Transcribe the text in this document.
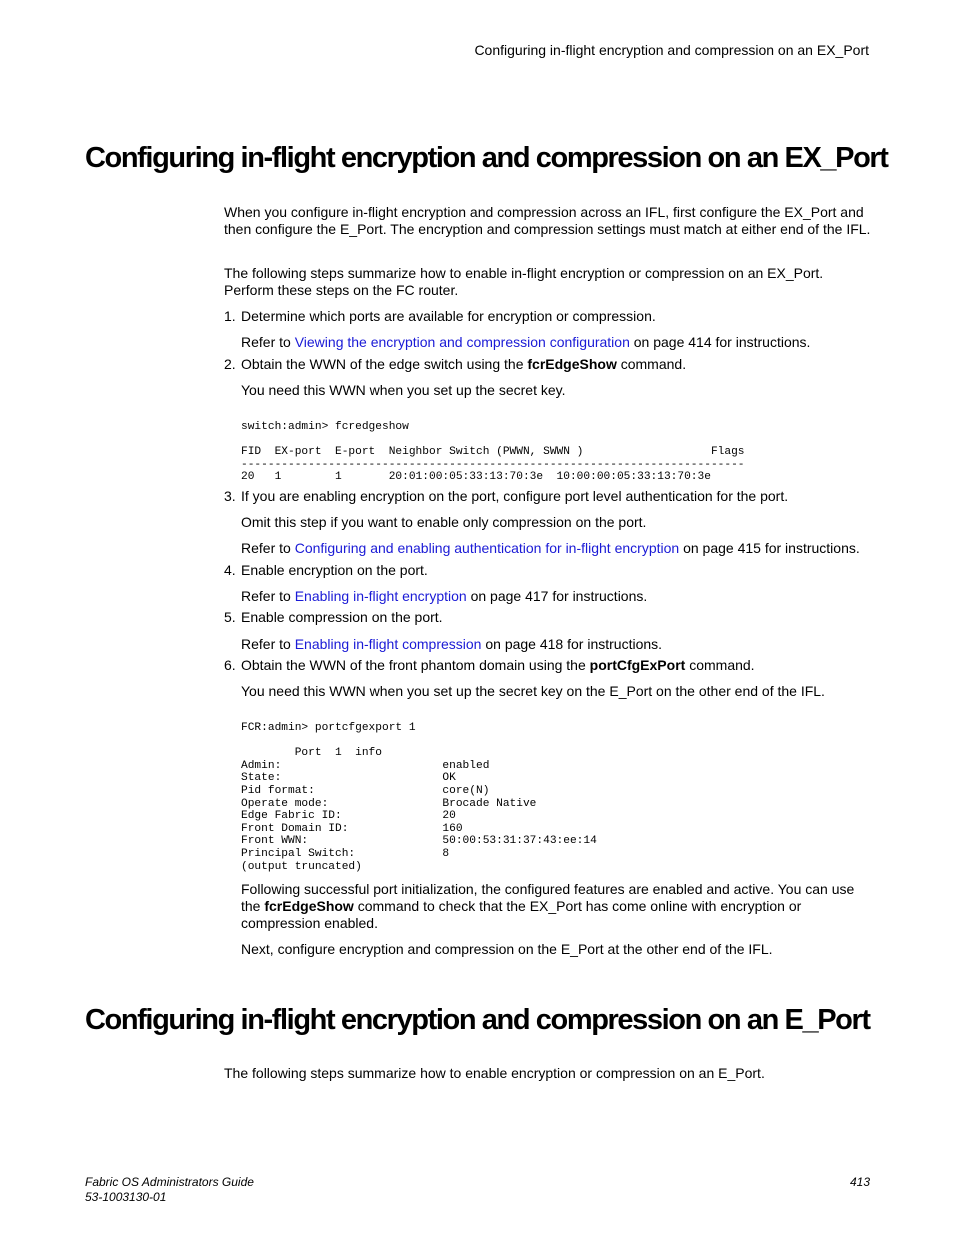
Configuring in-flight encryption and compression on an EX_Port
Configuring in-flight encryption and compression on an EX_Port
When you configure in-flight encryption and compression across an IFL, first configure the EX_Port and then configure the E_Port. The encryption and compression settings must match at either end of the IFL.
The following steps summarize how to enable in-flight encryption or compression on an EX_Port. Perform these steps on the FC router.
1. Determine which ports are available for encryption or compression.
Refer to Viewing the encryption and compression configuration on page 414 for instructions.
2. Obtain the WWN of the edge switch using the fcrEdgeShow command.
You need this WWN when you set up the secret key.
switch:admin> fcredgeshow

FID  EX-port  E-port  Neighbor Switch (PWWN, SWWN )                   Flags
---------------------------------------------------------------------------
20   1        1       20:01:00:05:33:13:70:3e  10:00:00:05:33:13:70:3e
3. If you are enabling encryption on the port, configure port level authentication for the port.
Omit this step if you want to enable only compression on the port.
Refer to Configuring and enabling authentication for in-flight encryption on page 415 for instructions.
4. Enable encryption on the port.
Refer to Enabling in-flight encryption on page 417 for instructions.
5. Enable compression on the port.
Refer to Enabling in-flight compression on page 418 for instructions.
6. Obtain the WWN of the front phantom domain using the portCfgExPort command.
You need this WWN when you set up the secret key on the E_Port on the other end of the IFL.
FCR:admin> portcfgexport 1

Port  1  info
Admin:                        enabled
State:                        OK
Pid format:                   core(N)
Operate mode:                 Brocade Native
Edge Fabric ID:               20
Front Domain ID:              160
Front WWN:                    50:00:53:31:37:43:ee:14
Principal Switch:             8
(output truncated)
Following successful port initialization, the configured features are enabled and active. You can use the fcrEdgeShow command to check that the EX_Port has come online with encryption or compression enabled.
Next, configure encryption and compression on the E_Port at the other end of the IFL.
Configuring in-flight encryption and compression on an E_Port
The following steps summarize how to enable encryption or compression on an E_Port.
Fabric OS Administrators Guide
53-1003130-01
413
